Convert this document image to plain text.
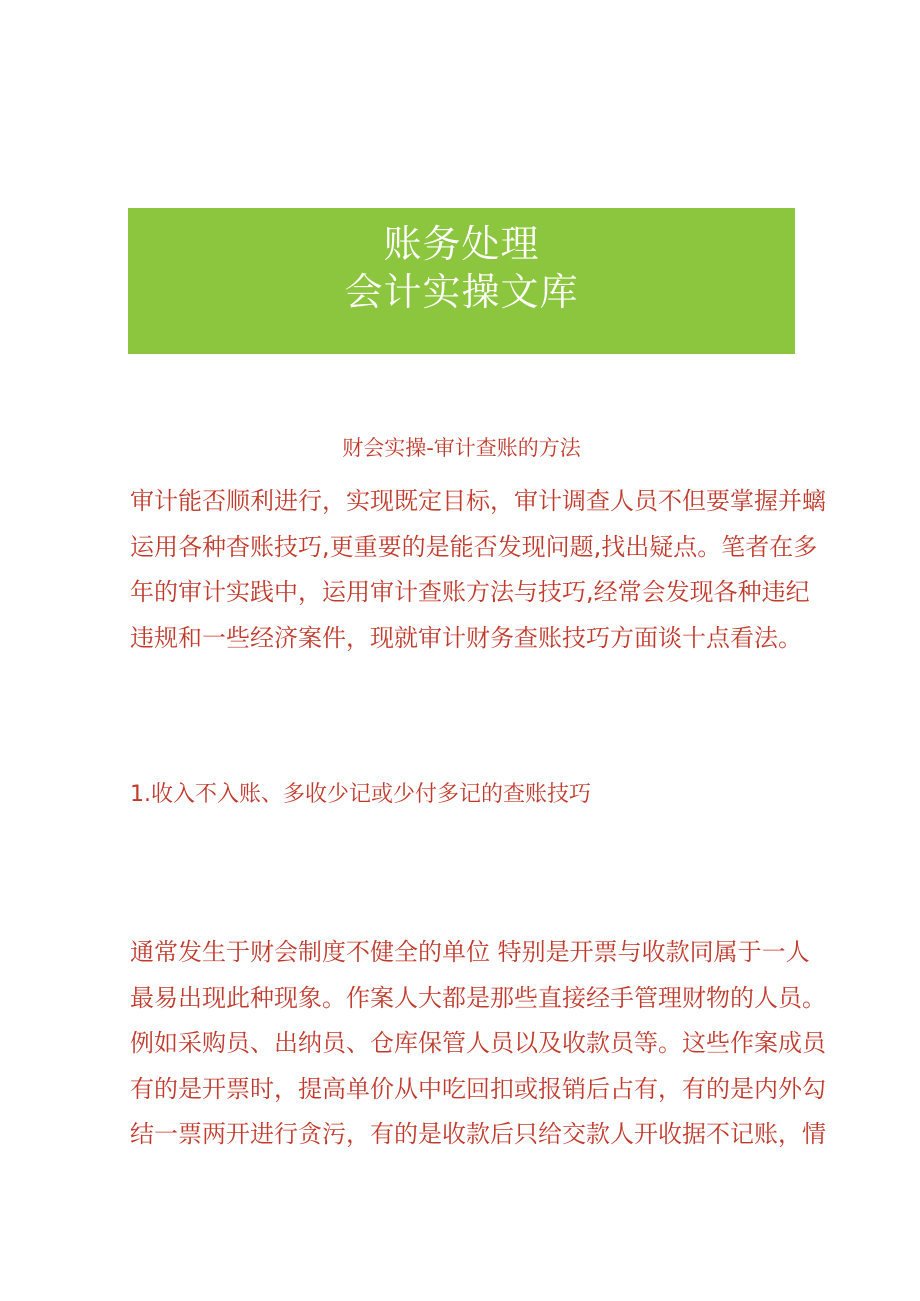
账务处理
会计实操文库
财会实操-审计查账的方法
审计能否顺利进行，实现既定目标，审计调查人员不但要掌握并螭
运用各种杳账技巧,更重要的是能否发现问题,找出疑点。笔者在多
年的审计实践中，运用审计查账方法与技巧,经常会发现各种违纪
违规和一些经济案件，现就审计财务查账技巧方面谈十点看法。
1.收入不入账、多收少记或少付多记的查账技巧
通常发生于财会制度不健全的单位 特别是开票与收款同属于一人
最易出现此种现象。作案人大都是那些直接经手管理财物的人员。
例如采购员、出纳员、仓库保管人员以及收款员等。这些作案成员
有的是开票时，提高单价从中吃回扣或报销后占有，有的是内外勾
结一票两开进行贪污，有的是收款后只给交款人开收据不记账，情
